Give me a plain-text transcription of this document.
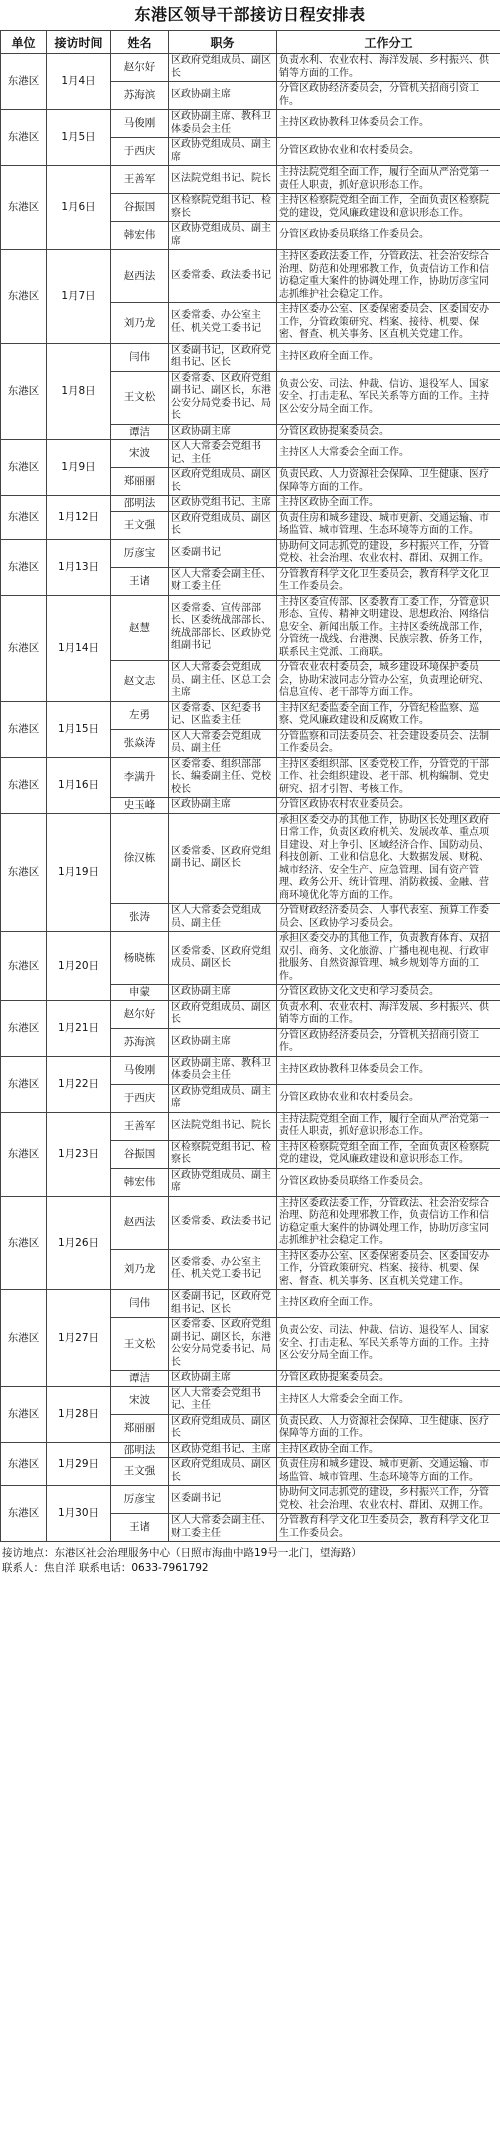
东港区领导干部接访日程安排表
单位	接访时间	姓名	职务	工作分工
东港区	1月4日	赵尔好	区政府党组成员、副区长	负责水利、农业农村、海洋发展、乡村振兴、供销等方面的工作。
		苏海滨	区政协副主席	分管区政协经济委员会，分管机关招商引资工作。
东港区	1月5日	马俊刚	区政协副主席、教科卫体委员会主任	主持区政协教科卫体委员会工作。
		于西庆	区政协党组成员、副主席	分管区政协农业和农村委员会。
东港区	1月6日	王善军	区法院党组书记、院长	主持法院党组全面工作，履行全面从严治党第一责任人职责，抓好意识形态工作。
		谷振国	区检察院党组书记、检察长	主持区检察院党组全面工作，全面负责区检察院党的建设，党风廉政建设和意识形态工作。
		韩宏伟	区政协党组成员、副主席	分管区政协委员联络工作委员会。
东港区	1月7日	赵西法	区委常委、政法委书记	主持区委政法委工作，分管政法、社会治安综合治理、防范和处理邪教工作，负责信访工作和信访稳定重大案件的协调处理工作，协助厉彦宝同志抓维护社会稳定工作。
		刘乃龙	区委常委、办公室主任、机关党工委书记	主持区委办公室、区委保密委员会、区委国安办工作，分管政策研究、档案、接待、机要、保密、督查、机关事务、区直机关党建工作。
东港区	1月8日	闫伟	区委副书记，区政府党组书记、区长	主持区政府全面工作。
		王文松	区委常委、区政府党组副书记、副区长，东港公安分局党委书记、局长	负责公安、司法、仲裁、信访、退役军人、国家安全、打击走私、军民关系等方面的工作。主持区公安分局全面工作。
		谭洁	区政协副主席	分管区政协提案委员会。
东港区	1月9日	宋波	区人大常委会党组书记、主任	主持区人大常委会全面工作。
		郑丽丽	区政府党组成员、副区长	负责民政、人力资源社会保障、卫生健康、医疗保障等方面的工作。
东港区	1月12日	邵明法	区政协党组书记、主席	主持区政协全面工作。
		王文强	区政府党组成员、副区长	负责住房和城乡建设、城市更新、交通运输、市场监管、城市管理、生态环境等方面的工作。
东港区	1月13日	厉彦宝	区委副书记	协助何文同志抓党的建设，乡村振兴工作，分管党校、社会治理、农业农村、群团、双拥工作。
		王诸	区人大常委会副主任、财工委主任	分管教育科学文化卫生委员会，教育科学文化卫生工作委员会。
东港区	1月14日	赵慧	区委常委、宣传部部长、区委统战部部长、统战部部长、区政协党组副书记	主持区委宣传部、区委教育工委工作，分管意识形态、宣传、精神文明建设、思想政治、网络信息安全、新闻出版工作。主持区委统战部工作，分管统一战线、台港澳、民族宗教、侨务工作，联系民主党派、工商联。
		赵文志	区人大常委会党组成员、副主任、区总工会主席	分管农业农村委员会，城乡建设环境保护委员会，协助宋波同志分管办公室，负责理论研究、信息宣传、老干部等方面工作。
东港区	1月15日	左勇	区委常委、区纪委书记、区监委主任	主持区纪委监委全面工作，分管纪检监察、巡察、党风廉政建设和反腐败工作。
		张焱涛	区人大常委会党组成员、副主任	分管监察和司法委员会、社会建设委员会、法制工作委员会。
东港区	1月16日	李满升	区委常委、组织部部长、编委副主任、党校校长	主持区委组织部、区委党校工作，分管党的干部工作、社会组织建设、老干部、机构编制、党史研究、招才引智、考核工作。
		史玉峰	区政协副主席	分管区政协农村农业委员会。
东港区	1月19日	徐汉栋	区委常委、区政府党组副书记、副区长	承担区委交办的其他工作，协助区长处理区政府日常工作，负责区政府机关、发展改革、重点项目建设、对上争引、区域经济合作、国防动员、科技创新、工业和信息化、大数据发展、财税、城市经济、安全生产、应急管理、国有资产管理、政务公开、统计管理、消防救援、金融、营商环境优化等方面的工作。
		张涛	区人大常委会党组成员、副主任	分管财政经济委员会、人事代表室、预算工作委员会、区政协学习委员会。
东港区	1月20日	杨晓栋	区委常委、区政府党组成员、副区长	承担区委交办的其他工作，负责教育体育、双招双引、商务、文化旅游、广播电视电视、行政审批服务、自然资源管理、城乡规划等方面的工作。
		申蒙	区政协副主席	分管区政协文化文史和学习委员会。
东港区	1月21日	赵尔好	区政府党组成员、副区长	负责水利、农业农村、海洋发展、乡村振兴、供销等方面的工作。
		苏海滨	区政协副主席	分管区政协经济委员会，分管机关招商引资工作。
东港区	1月22日	马俊刚	区政协副主席、教科卫体委员会主任	主持区政协教科卫体委员会工作。
		于西庆	区政协党组成员、副主席	分管区政协农业和农村委员会。
东港区	1月23日	王善军	区法院党组书记、院长	主持法院党组全面工作，履行全面从严治党第一责任人职责，抓好意识形态工作。
		谷振国	区检察院党组书记、检察长	主持区检察院党组全面工作，全面负责区检察院党的建设，党风廉政建设和意识形态工作。
		韩宏伟	区政协党组成员、副主席	分管区政协委员联络工作委员会。
东港区	1月26日	赵西法	区委常委、政法委书记	主持区委政法委工作，分管政法、社会治安综合治理、防范和处理邪教工作，负责信访工作和信访稳定重大案件的协调处理工作，协助厉彦宝同志抓维护社会稳定工作。
		刘乃龙	区委常委、办公室主任、机关党工委书记	主持区委办公室、区委保密委员会、区委国安办工作，分管政策研究、档案、接待、机要、保密、督查、机关事务、区直机关党建工作。
东港区	1月27日	闫伟	区委副书记，区政府党组书记、区长	主持区政府全面工作。
		王文松	区委常委、区政府党组副书记、副区长，东港公安分局党委书记、局长	负责公安、司法、仲裁、信访、退役军人、国家安全、打击走私、军民关系等方面的工作。主持区公安分局全面工作。
		谭洁	区政协副主席	分管区政协提案委员会。
东港区	1月28日	宋波	区人大常委会党组书记、主任	主持区人大常委会全面工作。
		郑丽丽	区政府党组成员、副区长	负责民政、人力资源社会保障、卫生健康、医疗保障等方面的工作。
东港区	1月29日	邵明法	区政协党组书记、主席	主持区政协全面工作。
		王文强	区政府党组成员、副区长	负责住房和城乡建设、城市更新、交通运输、市场监管、城市管理、生态环境等方面的工作。
东港区	1月30日	厉彦宝	区委副书记	协助何文同志抓党的建设，乡村振兴工作，分管党校、社会治理、农业农村、群团、双拥工作。
		王诸	区人大常委会副主任、财工委主任	分管教育科学文化卫生委员会，教育科学文化卫生工作委员会。
接访地点：东港区社会治理服务中心（日照市海曲中路19号一北门，望海路）
联系人：焦自洋 联系电话：0633-7961792
